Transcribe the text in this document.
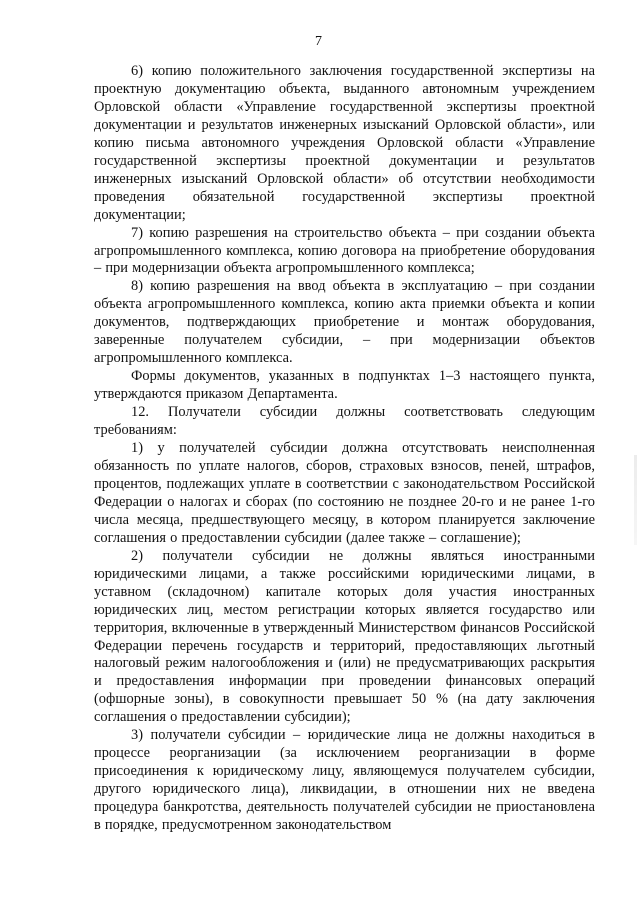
7

6) копию положительного заключения государственной экспертизы на проектную документацию объекта, выданного автономным учреждением Орловской области «Управление государственной экспертизы проектной документации и результатов инженерных изысканий Орловской области», или копию письма автономного учреждения Орловской области «Управление государственной экспертизы проектной документации и результатов инженерных изысканий Орловской области» об отсутствии необходимости проведения обязательной государственной экспертизы проектной документации;

7) копию разрешения на строительство объекта – при создании объекта агропромышленного комплекса, копию договора на приобретение оборудования – при модернизации объекта агропромышленного комплекса;

8) копию разрешения на ввод объекта в эксплуатацию – при создании объекта агропромышленного комплекса, копию акта приемки объекта и копии документов, подтверждающих приобретение и монтаж оборудования, заверенные получателем субсидии, – при модернизации объектов агропромышленного комплекса.

Формы документов, указанных в подпунктах 1–3 настоящего пункта, утверждаются приказом Департамента.

12. Получатели субсидии должны соответствовать следующим требованиям:

1) у получателей субсидии должна отсутствовать неисполненная обязанность по уплате налогов, сборов, страховых взносов, пеней, штрафов, процентов, подлежащих уплате в соответствии с законодательством Российской Федерации о налогах и сборах (по состоянию не позднее 20-го и не ранее 1-го числа месяца, предшествующего месяцу, в котором планируется заключение соглашения о предоставлении субсидии (далее также – соглашение);

2) получатели субсидии не должны являться иностранными юридическими лицами, а также российскими юридическими лицами, в уставном (складочном) капитале которых доля участия иностранных юридических лиц, местом регистрации которых является государство или территория, включенные в утвержденный Министерством финансов Российской Федерации перечень государств и территорий, предоставляющих льготный налоговый режим налогообложения и (или) не предусматривающих раскрытия и предоставления информации при проведении финансовых операций (офшорные зоны), в совокупности превышает 50 % (на дату заключения соглашения о предоставлении субсидии);

3) получатели субсидии – юридические лица не должны находиться в процессе реорганизации (за исключением реорганизации в форме присоединения к юридическому лицу, являющемуся получателем субсидии, другого юридического лица), ликвидации, в отношении них не введена процедура банкротства, деятельность получателей субсидии не приостановлена в порядке, предусмотренном законодательством
